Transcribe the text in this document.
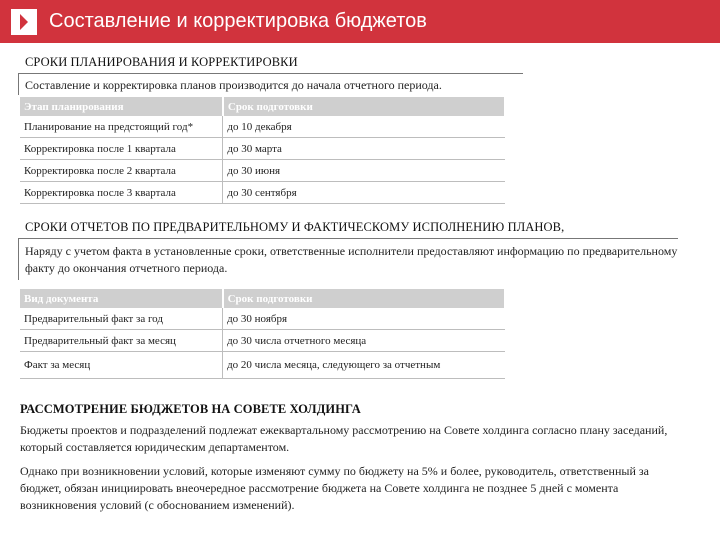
Составление и корректировка бюджетов
СРОКИ ПЛАНИРОВАНИЯ И КОРРЕКТИРОВКИ
Составление и корректировка планов производится до начала отчетного периода.
Этап планирования	Срок подготовки
Планирование на предстоящий год*	до 10 декабря
Корректировка после 1 квартала	до 30 марта
Корректировка после 2 квартала	до 30 июня
Корректировка после 3 квартала	до 30 сентября
СРОКИ ОТЧЕТОВ ПО ПРЕДВАРИТЕЛЬНОМУ И ФАКТИЧЕСКОМУ ИСПОЛНЕНИЮ ПЛАНОВ,
Наряду с учетом факта в установленные сроки, ответственные исполнители предоставляют информацию по предварительному факту до окончания отчетного периода.
Вид документа	Срок подготовки
Предварительный факт за год	до 30 ноября
Предварительный факт за месяц	до 30 числа отчетного месяца
Факт за месяц	до 20 числа месяца, следующего за отчетным
РАССМОТРЕНИЕ БЮДЖЕТОВ НА СОВЕТЕ ХОЛДИНГА
Бюджеты проектов и подразделений подлежат ежеквартальному рассмотрению на Совете холдинга согласно плану заседаний, который составляется юридическим департаментом.
Однако при возникновении условий, которые изменяют сумму по бюджету на 5% и более, руководитель, ответственный за бюджет, обязан инициировать внеочередное рассмотрение бюджета на Совете холдинга не позднее 5 дней с момента возникновения условий (с обоснованием изменений).
